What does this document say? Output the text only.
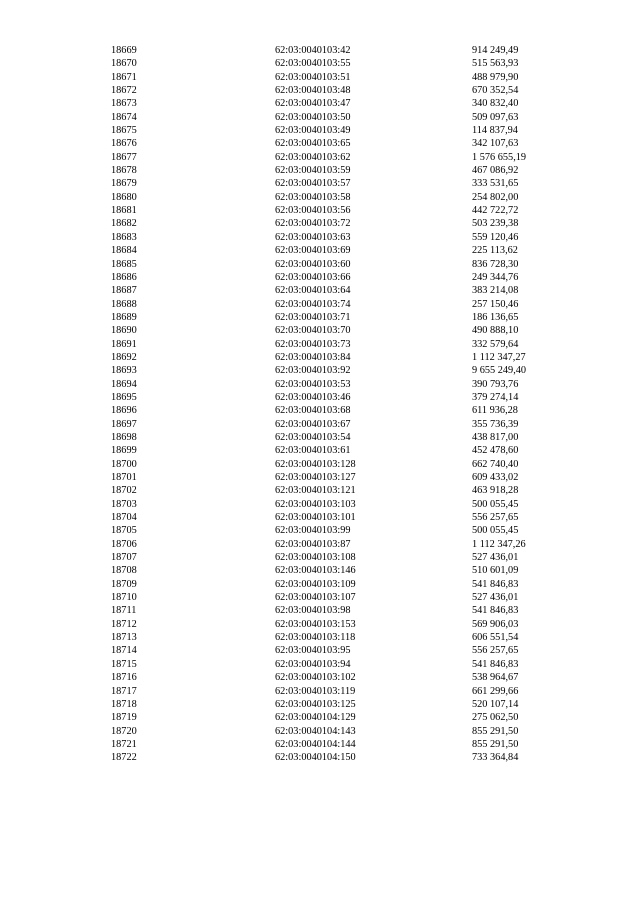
18669	62:03:0040103:42	914 249,49
18670	62:03:0040103:55	515 563,93
18671	62:03:0040103:51	488 979,90
18672	62:03:0040103:48	670 352,54
18673	62:03:0040103:47	340 832,40
18674	62:03:0040103:50	509 097,63
18675	62:03:0040103:49	114 837,94
18676	62:03:0040103:65	342 107,63
18677	62:03:0040103:62	1 576 655,19
18678	62:03:0040103:59	467 086,92
18679	62:03:0040103:57	333 531,65
18680	62:03:0040103:58	254 802,00
18681	62:03:0040103:56	442 722,72
18682	62:03:0040103:72	503 239,38
18683	62:03:0040103:63	559 120,46
18684	62:03:0040103:69	225 113,62
18685	62:03:0040103:60	836 728,30
18686	62:03:0040103:66	249 344,76
18687	62:03:0040103:64	383 214,08
18688	62:03:0040103:74	257 150,46
18689	62:03:0040103:71	186 136,65
18690	62:03:0040103:70	490 888,10
18691	62:03:0040103:73	332 579,64
18692	62:03:0040103:84	1 112 347,27
18693	62:03:0040103:92	9 655 249,40
18694	62:03:0040103:53	390 793,76
18695	62:03:0040103:46	379 274,14
18696	62:03:0040103:68	611 936,28
18697	62:03:0040103:67	355 736,39
18698	62:03:0040103:54	438 817,00
18699	62:03:0040103:61	452 478,60
18700	62:03:0040103:128	662 740,40
18701	62:03:0040103:127	609 433,02
18702	62:03:0040103:121	463 918,28
18703	62:03:0040103:103	500 055,45
18704	62:03:0040103:101	556 257,65
18705	62:03:0040103:99	500 055,45
18706	62:03:0040103:87	1 112 347,26
18707	62:03:0040103:108	527 436,01
18708	62:03:0040103:146	510 601,09
18709	62:03:0040103:109	541 846,83
18710	62:03:0040103:107	527 436,01
18711	62:03:0040103:98	541 846,83
18712	62:03:0040103:153	569 906,03
18713	62:03:0040103:118	606 551,54
18714	62:03:0040103:95	556 257,65
18715	62:03:0040103:94	541 846,83
18716	62:03:0040103:102	538 964,67
18717	62:03:0040103:119	661 299,66
18718	62:03:0040103:125	520 107,14
18719	62:03:0040104:129	275 062,50
18720	62:03:0040104:143	855 291,50
18721	62:03:0040104:144	855 291,50
18722	62:03:0040104:150	733 364,84
